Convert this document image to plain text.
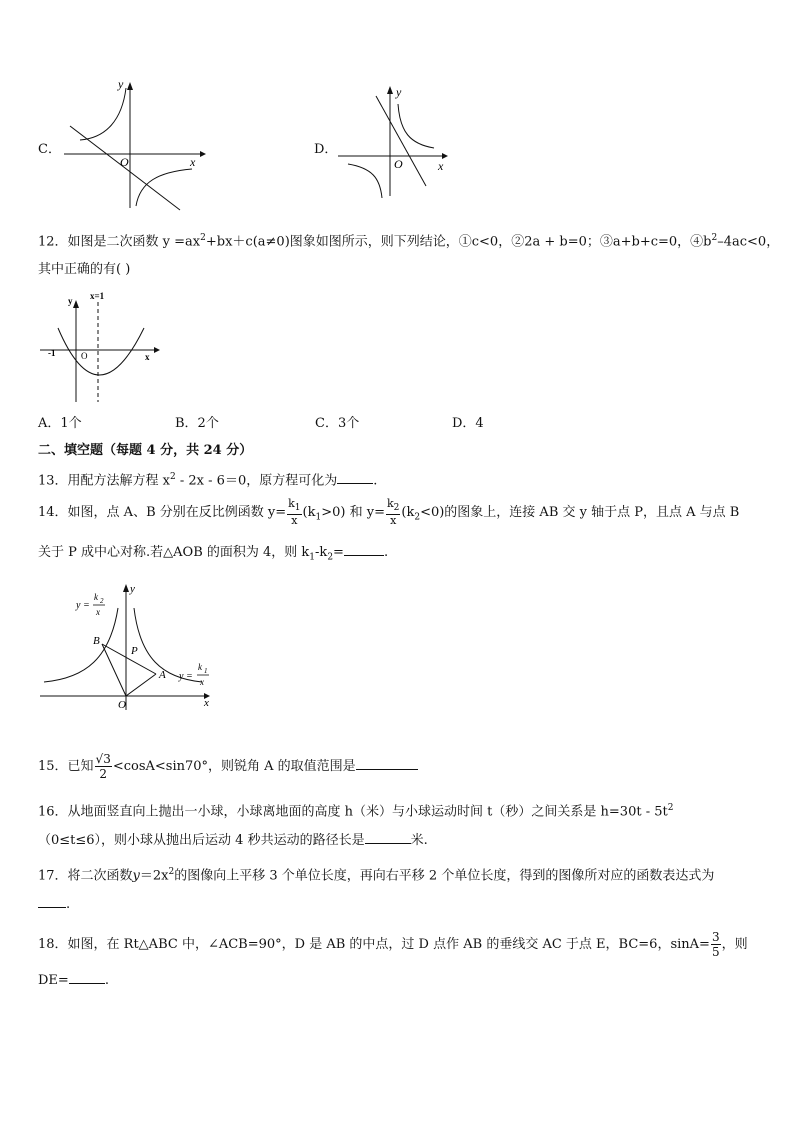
C．
y
x
O
D．
y
x
O
12．如图是二次函数 $y =ax^2+bx+c(a\ne 0)$图象如图所示，则下列结论，①c<0，②2a + b=0；③a+b+c=0，$④b^2-4ac<0$，
其中正确的有( )
x=1
y
x
O
-1
A．1个	B．2个	C．3个	D．4
二、填空题（每题 4 分，共 24 分）
13．用配方法解方程 $x^2 - 2x - 6=0$，原方程可化为	.
14．如图，点 A、B 分别在反比例函数 $y= \frac{k_1}{x} (k_1>0)$ 和 $y= \frac{k_2}{x} (k_2<0)$的图象上，连接 AB 交 y 轴于点 P，且点 A 与点 B
关于 P 成中心对称.若△AOB 的面积为 4，则 $k_1-k_2=$	.
y
x
O
B
P
A
y =
k 2
x
y =
k 1
x
15．已知 $\frac{√3}{2} <\cos A<\sin 70^\circ$，则锐角 A 的取值范围是
16．从地面竖直向上抛出一小球，小球离地面的高度 h（米）与小球运动时间 t（秒）之间关系是 $h=30t - 5t^2$
（0≤t≤6），则小球从抛出后运动 4 秒共运动的路径长是	米.
17．将二次函数$y=2x^2$的图像向上平移 3 个单位长度，再向右平移 2 个单位长度，得到的图像所对应的函数表达式为
.
18．如图，在 Rt△ABC 中，∠ACB=90°，D 是 AB 的中点，过 D 点作 AB 的垂线交 AC 于点 E，BC=6，$\sin A= \frac{3}{5}$ ，则
DE=	.
